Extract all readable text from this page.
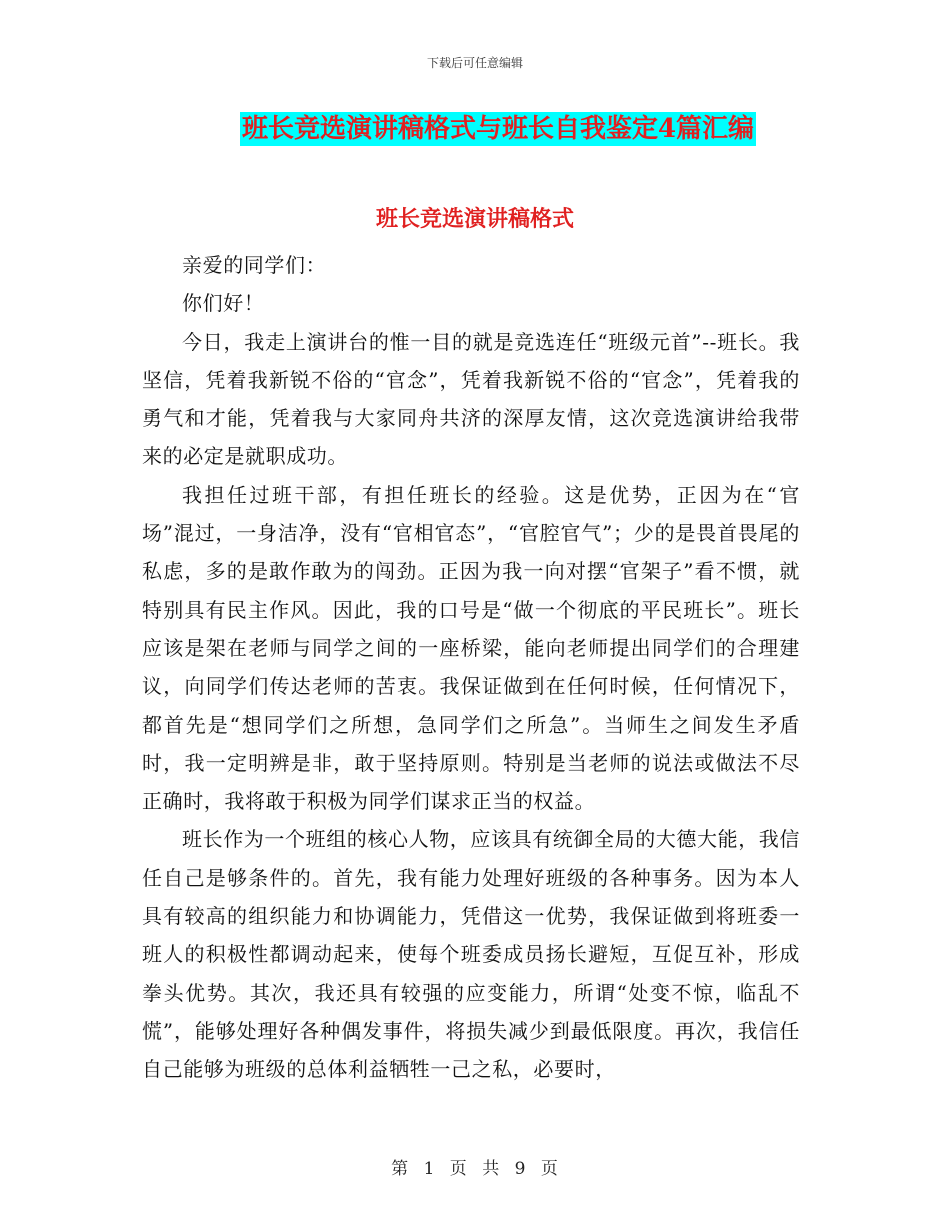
下载后可任意编辑
班长竞选演讲稿格式与班长自我鉴定4篇汇编
班长竞选演讲稿格式

亲爱的同学们：

你们好！

今日，我走上演讲台的惟一目的就是竞选连任“班级元首”--班长。我坚信，凭着我新锐不俗的“官念”，凭着我新锐不俗的“官念”，凭着我的勇气和才能，凭着我与大家同舟共济的深厚友情，这次竞选演讲给我带来的必定是就职成功。

我担任过班干部，有担任班长的经验。这是优势，正因为在“官场”混过，一身洁净，没有“官相官态”，“官腔官气”；少的是畏首畏尾的私虑，多的是敢作敢为的闯劲。正因为我一向对摆“官架子”看不惯，就特别具有民主作风。因此，我的口号是“做一个彻底的平民班长”。班长应该是架在老师与同学之间的一座桥梁，能向老师提出同学们的合理建议，向同学们传达老师的苦衷。我保证做到在任何时候，任何情况下，都首先是“想同学们之所想，急同学们之所急”。当师生之间发生矛盾时，我一定明辨是非，敢于坚持原则。特别是当老师的说法或做法不尽正确时，我将敢于积极为同学们谋求正当的权益。

班长作为一个班组的核心人物，应该具有统御全局的大德大能，我信任自己是够条件的。首先，我有能力处理好班级的各种事务。因为本人具有较高的组织能力和协调能力，凭借这一优势，我保证做到将班委一班人的积极性都调动起来，使每个班委成员扬长避短，互促互补，形成拳头优势。其次，我还具有较强的应变能力，所谓“处变不惊，临乱不慌”，能够处理好各种偶发事件，将损失减少到最低限度。再次，我信任自己能够为班级的总体利益牺牲一己之私，必要时，

第 1 页 共 9 页
